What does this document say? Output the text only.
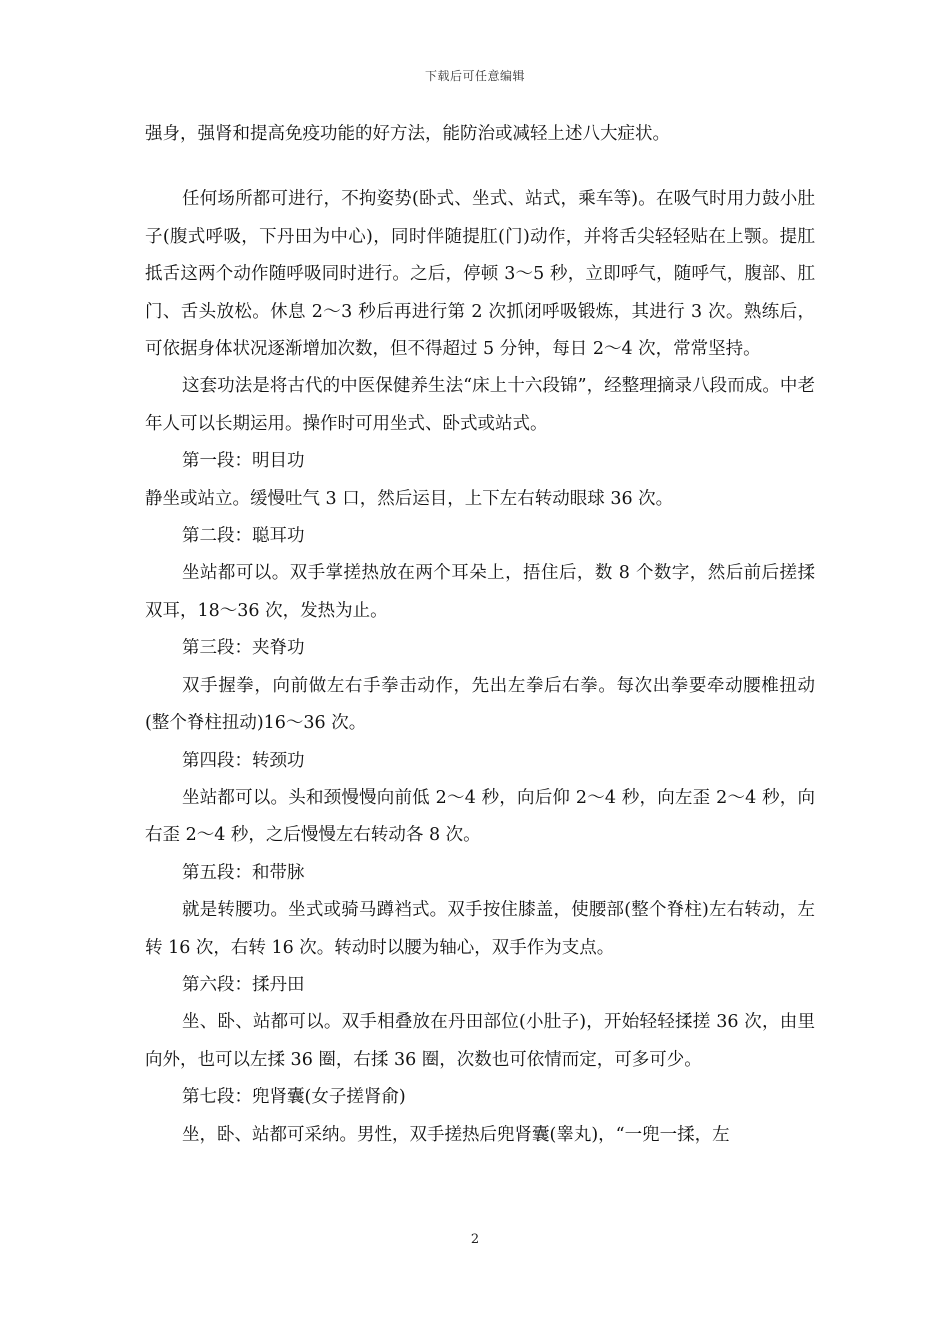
下载后可任意编辑

强身，强肾和提高免疫功能的好方法，能防治或减轻上述八大症状。

任何场所都可进行，不拘姿势(卧式、坐式、站式，乘车等)。在吸气时用力鼓小肚子(腹式呼吸，下丹田为中心)，同时伴随提肛(门)动作，并将舌尖轻轻贴在上颚。提肛抵舌这两个动作随呼吸同时进行。之后，停顿 3～5 秒，立即呼气，随呼气，腹部、肛门、舌头放松。休息 2～3 秒后再进行第 2 次抓闭呼吸锻炼，其进行 3 次。熟练后，可依据身体状况逐渐增加次数，但不得超过 5 分钟，每日 2～4 次，常常坚持。

这套功法是将古代的中医保健养生法“床上十六段锦”，经整理摘录八段而成。中老年人可以长期运用。操作时可用坐式、卧式或站式。

第一段：明目功

静坐或站立。缓慢吐气 3 口，然后运目，上下左右转动眼球 36 次。

第二段：聪耳功

坐站都可以。双手掌搓热放在两个耳朵上，捂住后，数 8 个数字，然后前后搓揉双耳，18～36 次，发热为止。

第三段：夹脊功

双手握拳，向前做左右手拳击动作，先出左拳后右拳。每次出拳要牵动腰椎扭动(整个脊柱扭动)16～36 次。

第四段：转颈功

坐站都可以。头和颈慢慢向前低 2～4 秒，向后仰 2～4 秒，向左歪 2～4 秒，向右歪 2～4 秒，之后慢慢左右转动各 8 次。

第五段：和带脉

就是转腰功。坐式或骑马蹲裆式。双手按住膝盖，使腰部(整个脊柱)左右转动，左转 16 次，右转 16 次。转动时以腰为轴心，双手作为支点。

第六段：揉丹田

坐、卧、站都可以。双手相叠放在丹田部位(小肚子)，开始轻轻揉搓 36 次，由里向外，也可以左揉 36 圈，右揉 36 圈，次数也可依情而定，可多可少。

第七段：兜肾囊(女子搓肾俞)

坐，卧、站都可采纳。男性，双手搓热后兜肾囊(睾丸)，“一兜一揉，左

2
